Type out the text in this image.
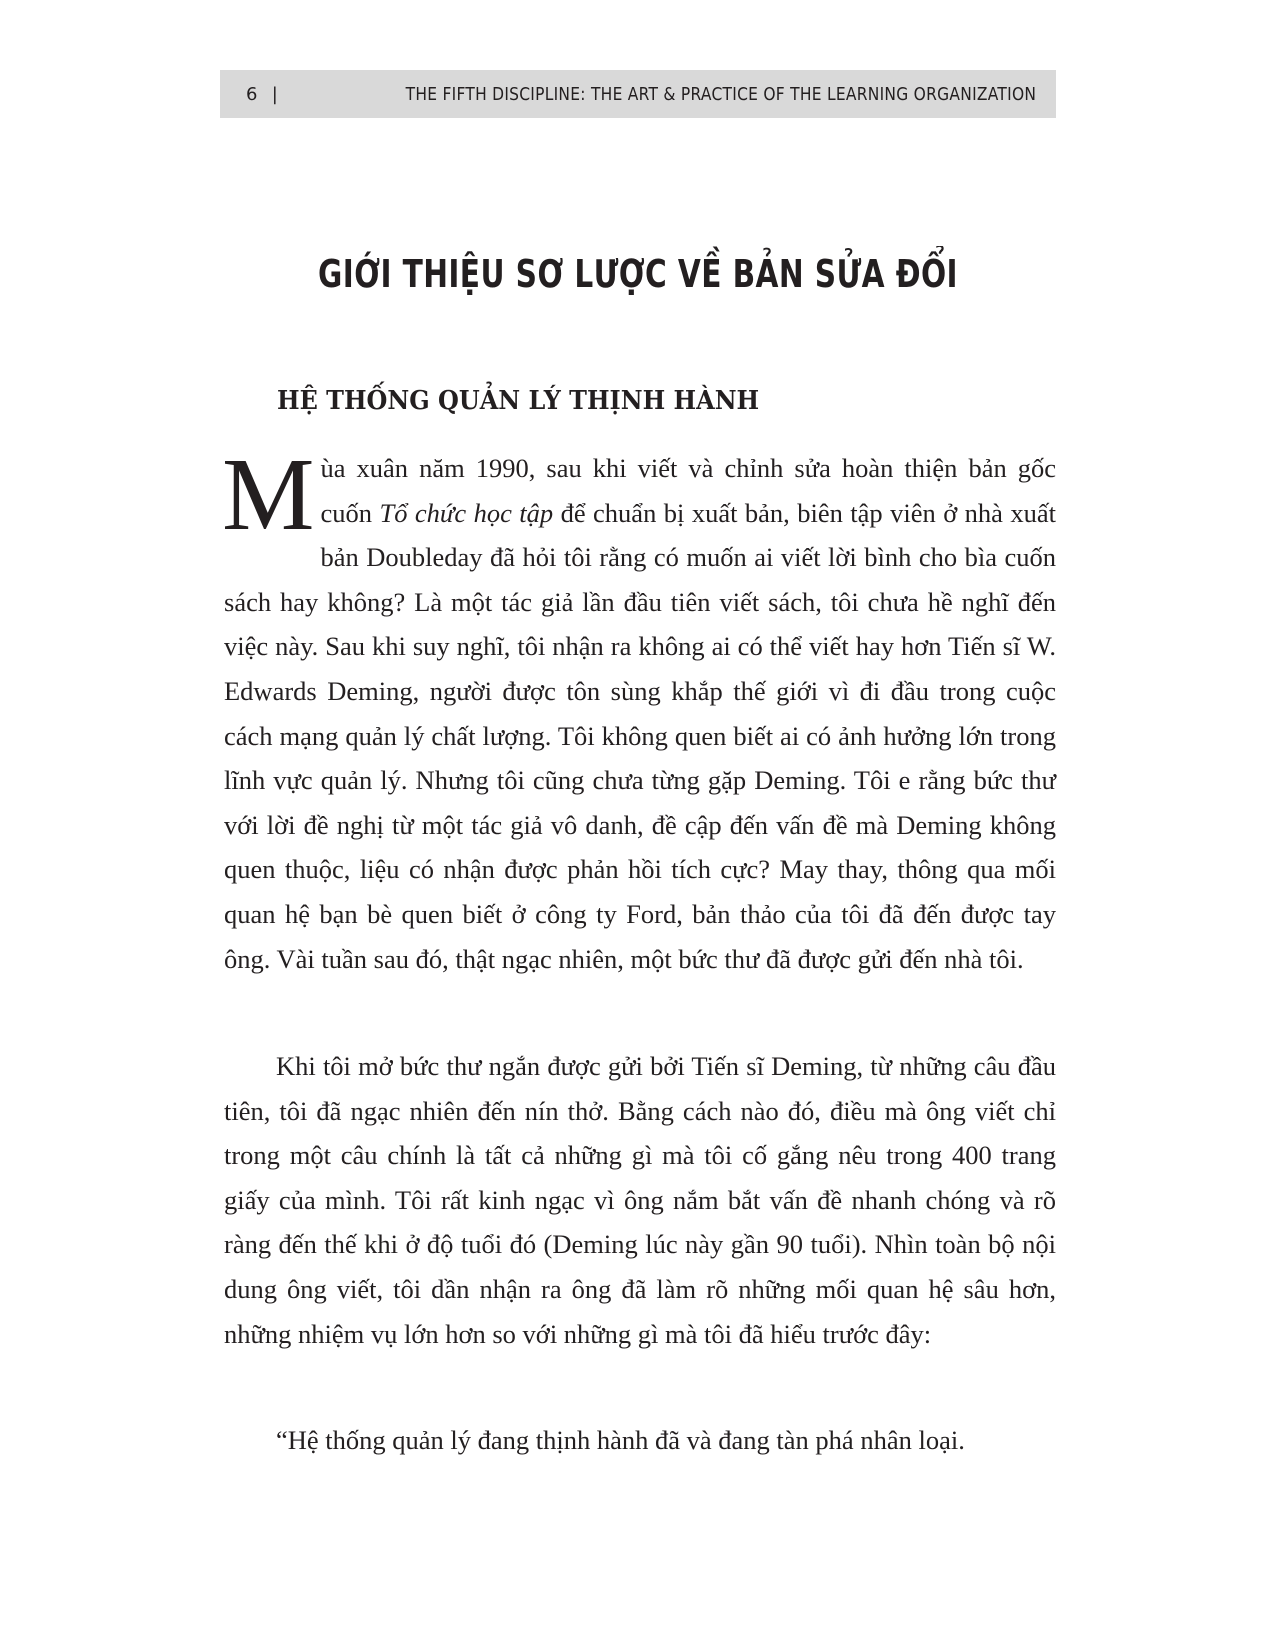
6 |	THE FIFTH DISCIPLINE: THE ART & PRACTICE OF THE LEARNING ORGANIZATION
GIỚI THIỆU SƠ LƯỢC VỀ BẢN SỬA ĐỔI
HỆ THỐNG QUẢN LÝ THỊNH HÀNH

Mùa xuân năm 1990, sau khi viết và chỉnh sửa hoàn thiện bản gốc cuốn Tổ chức học tập để chuẩn bị xuất bản, biên tập viên ở nhà xuất bản Doubleday đã hỏi tôi rằng có muốn ai viết lời bình cho bìa cuốn sách hay không? Là một tác giả lần đầu tiên viết sách, tôi chưa hề nghĩ đến việc này. Sau khi suy nghĩ, tôi nhận ra không ai có thể viết hay hơn Tiến sĩ W. Edwards Deming, người được tôn sùng khắp thế giới vì đi đầu trong cuộc cách mạng quản lý chất lượng. Tôi không quen biết ai có ảnh hưởng lớn trong lĩnh vực quản lý. Nhưng tôi cũng chưa từng gặp Deming. Tôi e rằng bức thư với lời đề nghị từ một tác giả vô danh, đề cập đến vấn đề mà Deming không quen thuộc, liệu có nhận được phản hồi tích cực? May thay, thông qua mối quan hệ bạn bè quen biết ở công ty Ford, bản thảo của tôi đã đến được tay ông. Vài tuần sau đó, thật ngạc nhiên, một bức thư đã được gửi đến nhà tôi.

Khi tôi mở bức thư ngắn được gửi bởi Tiến sĩ Deming, từ những câu đầu tiên, tôi đã ngạc nhiên đến nín thở. Bằng cách nào đó, điều mà ông viết chỉ trong một câu chính là tất cả những gì mà tôi cố gắng nêu trong 400 trang giấy của mình. Tôi rất kinh ngạc vì ông nắm bắt vấn đề nhanh chóng và rõ ràng đến thế khi ở độ tuổi đó (Deming lúc này gần 90 tuổi). Nhìn toàn bộ nội dung ông viết, tôi dần nhận ra ông đã làm rõ những mối quan hệ sâu hơn, những nhiệm vụ lớn hơn so với những gì mà tôi đã hiểu trước đây:

“Hệ thống quản lý đang thịnh hành đã và đang tàn phá nhân loại.
